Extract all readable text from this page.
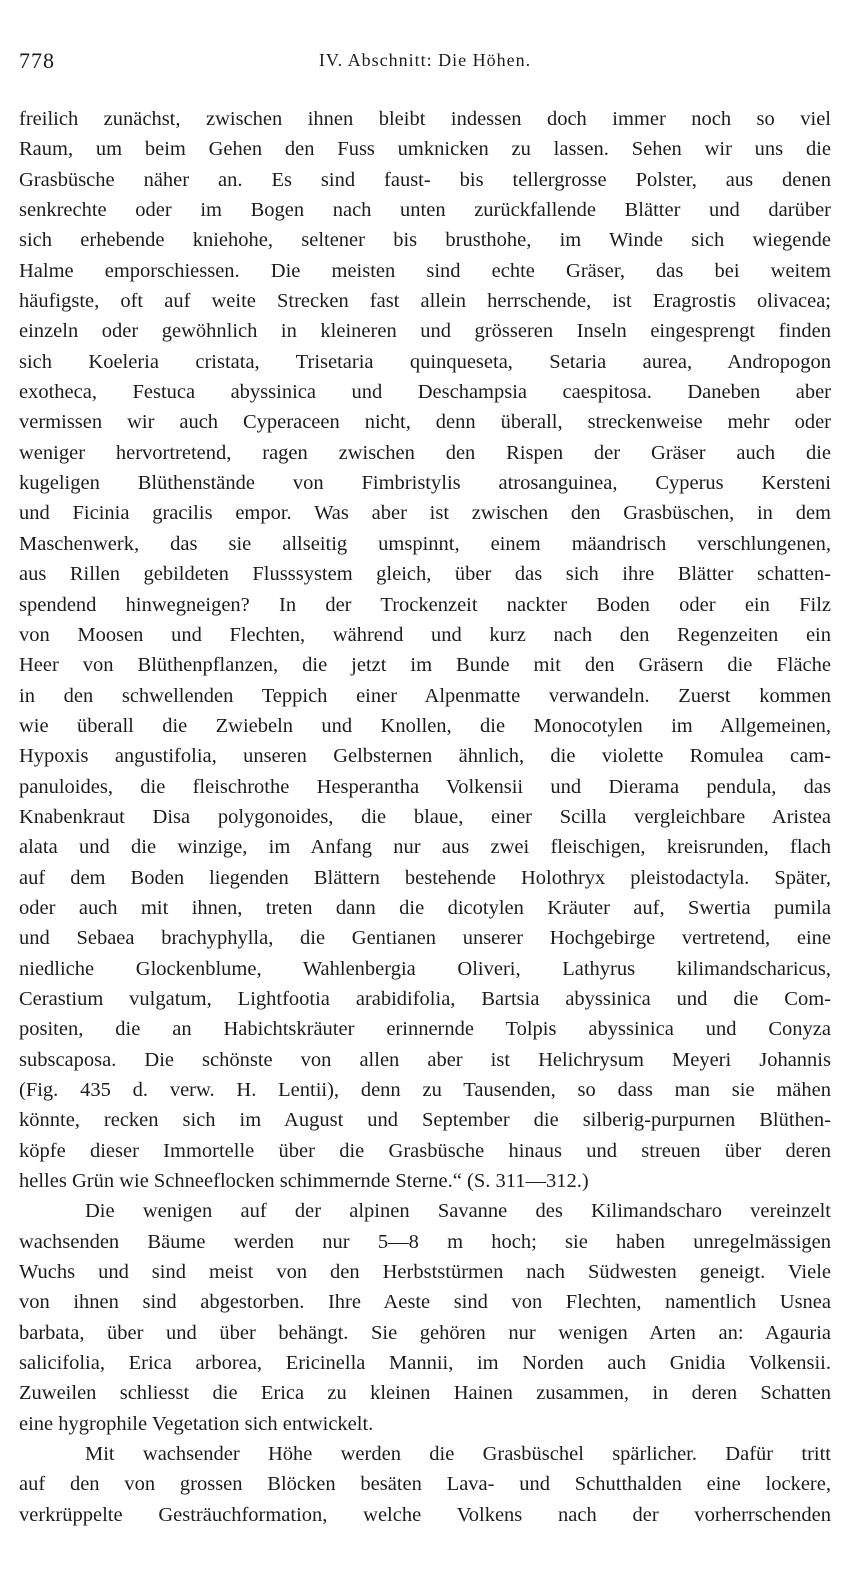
778	IV. Abschnitt: Die Höhen.
freilich zunächst, zwischen ihnen bleibt indessen doch immer noch so viel
Raum, um beim Gehen den Fuss umknicken zu lassen. Sehen wir uns die
Grasbüsche näher an. Es sind faust- bis tellergrosse Polster, aus denen
senkrechte oder im Bogen nach unten zurückfallende Blätter und darüber
sich erhebende kniehohe, seltener bis brusthohe, im Winde sich wiegende
Halme emporschiessen. Die meisten sind echte Gräser, das bei weitem
häufigste, oft auf weite Strecken fast allein herrschende, ist Eragrostis olivacea;
einzeln oder gewöhnlich in kleineren und grösseren Inseln eingesprengt finden
sich Koeleria cristata, Trisetaria quinqueseta, Setaria aurea, Andropogon
exotheca, Festuca abyssinica und Deschampsia caespitosa. Daneben aber
vermissen wir auch Cyperaceen nicht, denn überall, streckenweise mehr oder
weniger hervortretend, ragen zwischen den Rispen der Gräser auch die
kugeligen Blüthenstände von Fimbristylis atrosanguinea, Cyperus Kersteni
und Ficinia gracilis empor. Was aber ist zwischen den Grasbüschen, in dem
Maschenwerk, das sie allseitig umspinnt, einem mäandrisch verschlungenen,
aus Rillen gebildeten Flusssystem gleich, über das sich ihre Blätter schatten-
spendend hinwegneigen? In der Trockenzeit nackter Boden oder ein Filz
von Moosen und Flechten, während und kurz nach den Regenzeiten ein
Heer von Blüthenpflanzen, die jetzt im Bunde mit den Gräsern die Fläche
in den schwellenden Teppich einer Alpenmatte verwandeln. Zuerst kommen
wie überall die Zwiebeln und Knollen, die Monocotylen im Allgemeinen,
Hypoxis angustifolia, unseren Gelbsternen ähnlich, die violette Romulea cam-
panuloides, die fleischrothe Hesperantha Volkensii und Dierama pendula, das
Knabenkraut Disa polygonoides, die blaue, einer Scilla vergleichbare Aristea
alata und die winzige, im Anfang nur aus zwei fleischigen, kreisrunden, flach
auf dem Boden liegenden Blättern bestehende Holothryx pleistodactyla. Später,
oder auch mit ihnen, treten dann die dicotylen Kräuter auf, Swertia pumila
und Sebaea brachyphylla, die Gentianen unserer Hochgebirge vertretend, eine
niedliche Glockenblume, Wahlenbergia Oliveri, Lathyrus kilimandscharicus,
Cerastium vulgatum, Lightfootia arabidifolia, Bartsia abyssinica und die Com-
positen, die an Habichtskräuter erinnernde Tolpis abyssinica und Conyza
subscaposa. Die schönste von allen aber ist Helichrysum Meyeri Johannis
(Fig. 435 d. verw. H. Lentii), denn zu Tausenden, so dass man sie mähen
könnte, recken sich im August und September die silberig-purpurnen Blüthen-
köpfe dieser Immortelle über die Grasbüsche hinaus und streuen über deren
helles Grün wie Schneeflocken schimmernde Sterne.“ (S. 311—312.)
Die wenigen auf der alpinen Savanne des Kilimandscharo vereinzelt
wachsenden Bäume werden nur 5—8 m hoch; sie haben unregelmässigen
Wuchs und sind meist von den Herbststürmen nach Südwesten geneigt. Viele
von ihnen sind abgestorben. Ihre Aeste sind von Flechten, namentlich Usnea
barbata, über und über behängt. Sie gehören nur wenigen Arten an: Agauria
salicifolia, Erica arborea, Ericinella Mannii, im Norden auch Gnidia Volkensii.
Zuweilen schliesst die Erica zu kleinen Hainen zusammen, in deren Schatten
eine hygrophile Vegetation sich entwickelt.
Mit wachsender Höhe werden die Grasbüschel spärlicher. Dafür tritt
auf den von grossen Blöcken besäten Lava- und Schutthalden eine lockere,
verkrüppelte Gesträuchformation, welche Volkens nach der vorherrschenden
